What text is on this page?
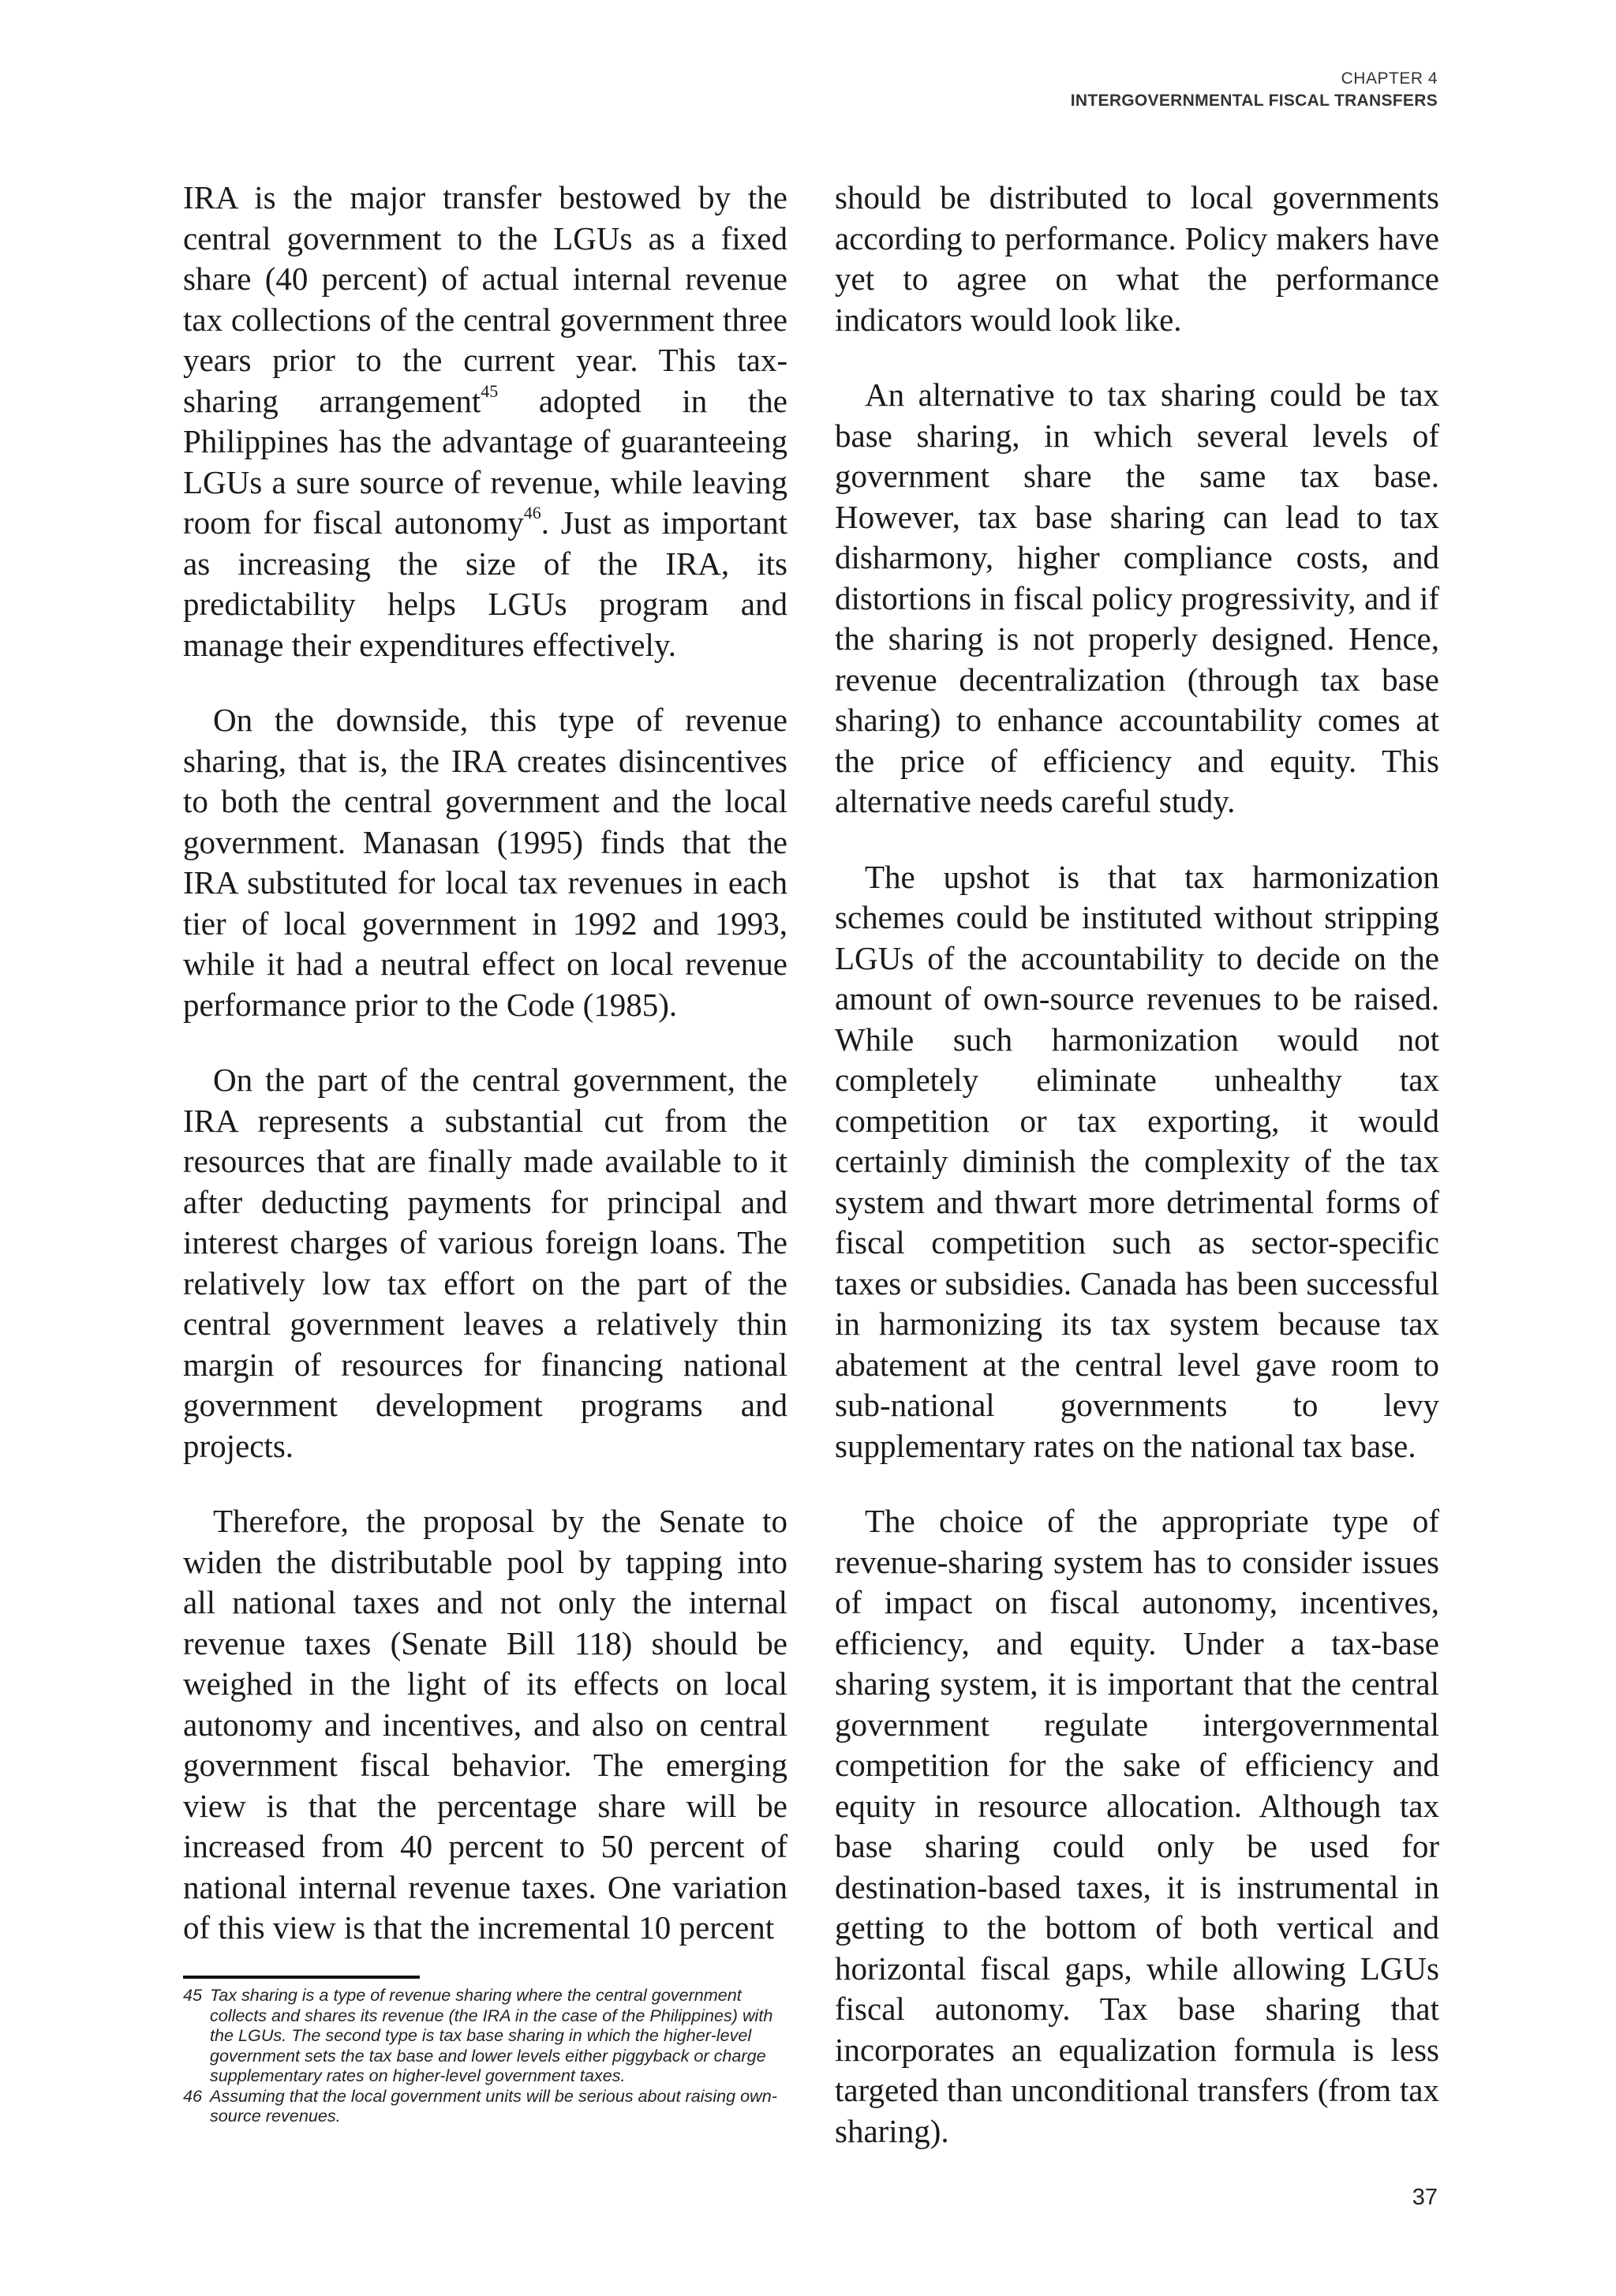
CHAPTER 4
INTERGOVERNMENTAL FISCAL TRANSFERS

IRA is the major transfer bestowed by the central government to the LGUs as a fixed share (40 percent) of actual internal revenue tax collections of the central government three years prior to the current year. This tax-sharing arrangement$^{45}$ adopted in the Philippines has the advantage of guaranteeing LGUs a sure source of revenue, while leaving room for fiscal autonomy$^{46}$. Just as important as increasing the size of the IRA, its predictability helps LGUs program and manage their expenditures effectively.

On the downside, this type of revenue sharing, that is, the IRA creates disincentives to both the central government and the local government. Manasan (1995) finds that the IRA substituted for local tax revenues in each tier of local government in 1992 and 1993, while it had a neutral effect on local revenue performance prior to the Code (1985).

On the part of the central government, the IRA represents a substantial cut from the resources that are finally made available to it after deducting payments for principal and interest charges of various foreign loans. The relatively low tax effort on the part of the central government leaves a relatively thin margin of resources for financing national government development programs and projects.

Therefore, the proposal by the Senate to widen the distributable pool by tapping into all national taxes and not only the internal revenue taxes (Senate Bill 118) should be weighed in the light of its effects on local autonomy and incentives, and also on central government fiscal behavior. The emerging view is that the percentage share will be increased from 40 percent to 50 percent of national internal revenue taxes. One variation of this view is that the incremental 10 percent

should be distributed to local governments according to performance. Policy makers have yet to agree on what the performance indicators would look like.

An alternative to tax sharing could be tax base sharing, in which several levels of government share the same tax base. However, tax base sharing can lead to tax disharmony, higher compliance costs, and distortions in fiscal policy progressivity, and if the sharing is not properly designed. Hence, revenue decentralization (through tax base sharing) to enhance accountability comes at the price of efficiency and equity. This alternative needs careful study.

The upshot is that tax harmonization schemes could be instituted without stripping LGUs of the accountability to decide on the amount of own-source revenues to be raised. While such harmonization would not completely eliminate unhealthy tax competition or tax exporting, it would certainly diminish the complexity of the tax system and thwart more detrimental forms of fiscal competition such as sector-specific taxes or subsidies. Canada has been successful in harmonizing its tax system because tax abatement at the central level gave room to sub-national governments to levy supplementary rates on the national tax base.

The choice of the appropriate type of revenue-sharing system has to consider issues of impact on fiscal autonomy, incentives, efficiency, and equity. Under a tax-base sharing system, it is important that the central government regulate intergovernmental competition for the sake of efficiency and equity in resource allocation. Although tax base sharing could only be used for destination-based taxes, it is instrumental in getting to the bottom of both vertical and horizontal fiscal gaps, while allowing LGUs fiscal autonomy. Tax base sharing that incorporates an equalization formula is less targeted than unconditional transfers (from tax sharing).

45 Tax sharing is a type of revenue sharing where the central government collects and shares its revenue (the IRA in the case of the Philippines) with the LGUs. The second type is tax base sharing in which the higher-level government sets the tax base and lower levels either piggyback or charge supplementary rates on higher-level government taxes.

46 Assuming that the local government units will be serious about raising own-source revenues.

37
